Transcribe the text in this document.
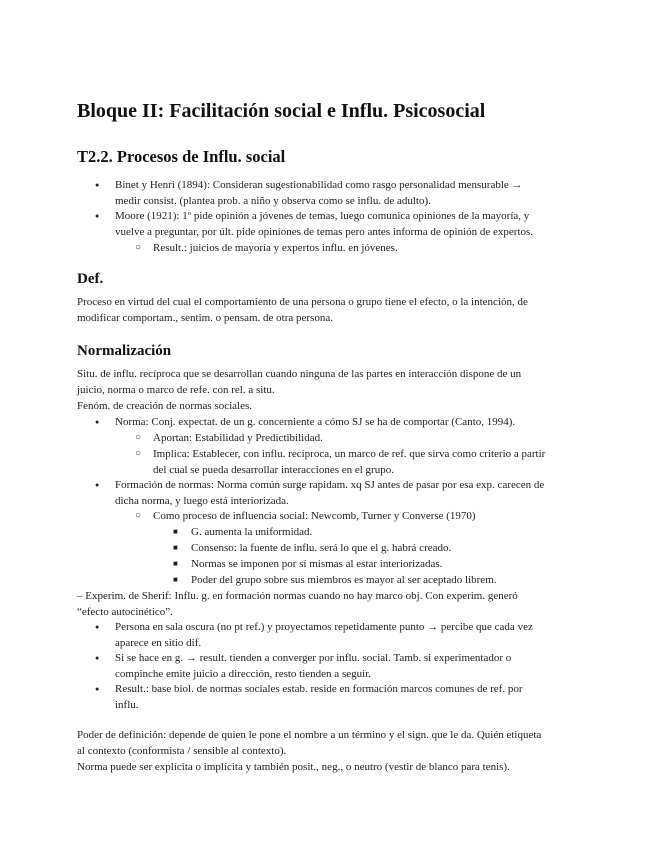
Bloque II: Facilitación social e Influ. Psicosocial
T2.2. Procesos de Influ. social
● Binet y Henri (1894): Consideran sugestionabilidad como rasgo personalidad mensurable →
medir consist. (plantea prob. a niño y observa como se influ. de adulto).
● Moore (1921): 1º pide opinión a jóvenes de temas, luego comunica opiniones de la mayoría, y
vuelve a preguntar, por últ. pide opiniones de temas pero antes informa de opinión de expertos.
○ Result.: juicios de mayoría y expertos influ. en jóvenes.
Def.
Proceso en virtud del cual el comportamiento de una persona o grupo tiene el efecto, o la intención, de
modificar comportam., sentim. o pensam. de otra persona.
Normalización
Situ. de influ. recíproca que se desarrollan cuando ninguna de las partes en interacción dispone de un
juicio, norma o marco de refe. con rel. a situ.
Fenóm. de creación de normas sociales.
● Norma: Conj. expectat. de un g. concerniente a cómo SJ se ha de comportar (Canto, 1994).
○ Aportan: Estabilidad y Predictibilidad.
○ Implica: Establecer, con influ. recíproca, un marco de ref. que sirva como criterio a partir
del cual se pueda desarrollar interacciones en el grupo.
● Formación de normas: Norma común surge rapidam. xq SJ antes de pasar por esa exp. carecen de
dicha norma, y luego está interiorizada.
○ Como proceso de influencia social: Newcomb, Turner y Converse (1970)
■ G. aumenta la uniformidad.
■ Consenso: la fuente de influ. será lo que el g. habrá creado.
■ Normas se imponen por sí mismas al estar interiorizadas.
■ Poder del grupo sobre sus miembros es mayor al ser aceptado librem.
– Experim. de Sherif: Influ. g. en formación normas cuando no hay marco obj. Con experim. generó
“efecto autocinético”.
● Persona en sala oscura (no pt ref.) y proyectamos repetidamente punto → percibe que cada vez
aparece en sitio dif.
● Si se hace en g. → result. tienden a converger por influ. social. Tamb. si experimentador o
compinche emite juicio a dirección, resto tienden a seguir.
● Result.: base biol. de normas sociales estab. reside en formación marcos comunes de ref. por
influ.
Poder de definición: depende de quien le pone el nombre a un término y el sign. que le da. Quién etiqueta
al contexto (conformista / sensible al contexto).
Norma puede ser explícita o implícita y también posit., neg., o neutro (vestir de blanco para tenis).
